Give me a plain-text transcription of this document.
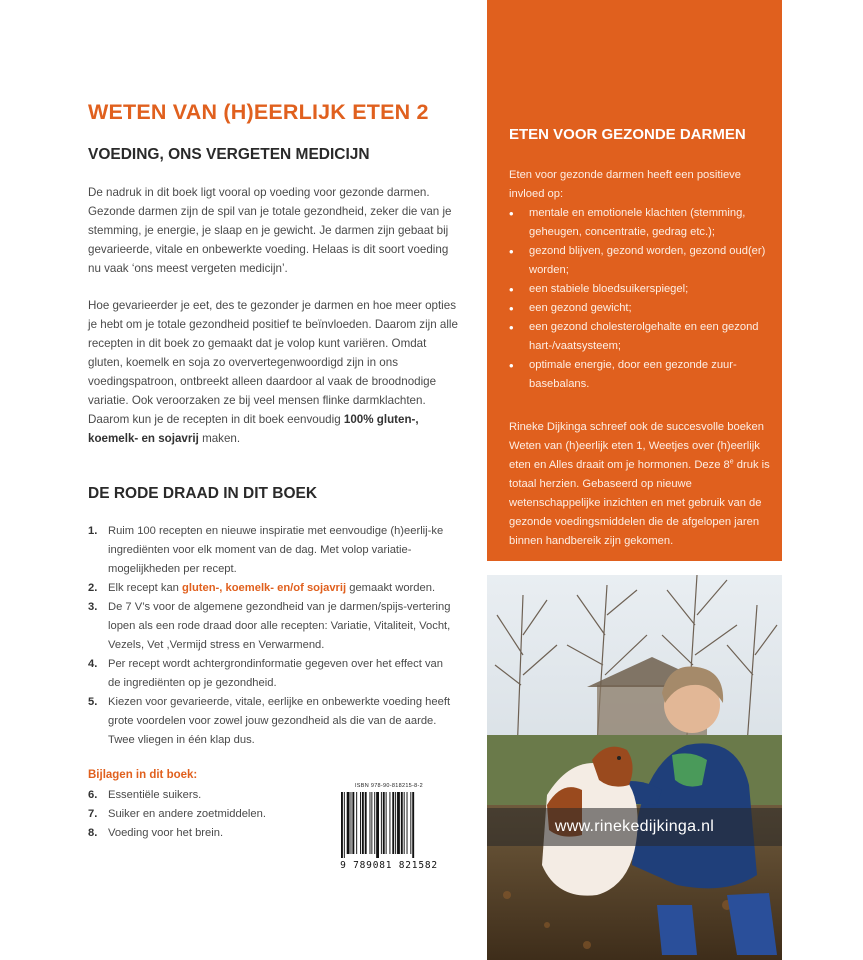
WETEN VAN (H)EERLIJK ETEN 2
VOEDING, ONS VERGETEN MEDICIJN

De nadruk in dit boek ligt vooral op voeding voor gezonde darmen. Gezonde darmen zijn de spil van je totale gezondheid, zeker die van je stemming, je energie, je slaap en je gewicht. Je darmen zijn gebaat bij gevarieerde, vitale en onbewerkte voeding. Helaas is dit soort voeding nu vaak ‘ons meest vergeten medicijn’.

Hoe gevarieerder je eet, des te gezonder je darmen en hoe meer opties je hebt om je totale gezondheid positief te beïnvloeden. Daarom zijn alle recepten in dit boek zo gemaakt dat je volop kunt variëren. Omdat gluten, koemelk en soja zo oververtegenwoordigd zijn in ons voedingspatroon, ontbreekt alleen daardoor al vaak de broodnodige variatie. Ook veroorzaken ze bij veel mensen flinke darmklachten. Daarom kun je de recepten in dit boek eenvoudig 100% gluten-, koemelk- en sojavrij maken.

DE RODE DRAAD IN DIT BOEK
1. Ruim 100 recepten en nieuwe inspiratie met eenvoudige (h)eerlij-ke ingrediënten voor elk moment van de dag. Met volop variatie-mogelijkheden per recept.
2. Elk recept kan gluten-, koemelk- en/of sojavrij gemaakt worden.
3. De 7 V’s voor de algemene gezondheid van je darmen/spijs-vertering lopen als een rode draad door alle recepten: Variatie, Vitaliteit, Vocht, Vezels, Vet ,Vermijd stress en Verwarmend.
4. Per recept wordt achtergrondinformatie gegeven over het effect van de ingrediënten op je gezondheid.
5. Kiezen voor gevarieerde, vitale, eerlijke en onbewerkte voeding heeft grote voordelen voor zowel jouw gezondheid als die van de aarde. Twee vliegen in één klap dus.
Bijlagen in dit boek:
6. Essentiële suikers.
7. Suiker en andere zoetmiddelen.
8. Voeding voor het brein.
ISBN 978-90-818215-8-2
9 789081 821582
ETEN VOOR GEZONDE DARMEN

Eten voor gezonde darmen heeft een positieve invloed op:

• mentale en emotionele klachten (stemming, geheugen, concentratie, gedrag etc.);
• gezond blijven, gezond worden, gezond oud(er) worden;
• een stabiele bloedsuikerspiegel;
• een gezond gewicht;
• een gezond cholesterolgehalte en een gezond hart-/vaatsysteem;
• optimale energie, door een gezonde zuur-basebalans.

Rineke Dijkinga schreef ook de succesvolle boeken Weten van (h)eerlijk eten 1, Weetjes over (h)eerlijk eten en Alles draait om je hormonen. Deze 8e druk is totaal herzien. Gebaseerd op nieuwe wetenschappelijke inzichten en met gebruik van de gezonde voedingsmiddelen die de afgelopen jaren binnen handbereik zijn gekomen.

www.rinekedijkinga.nl
